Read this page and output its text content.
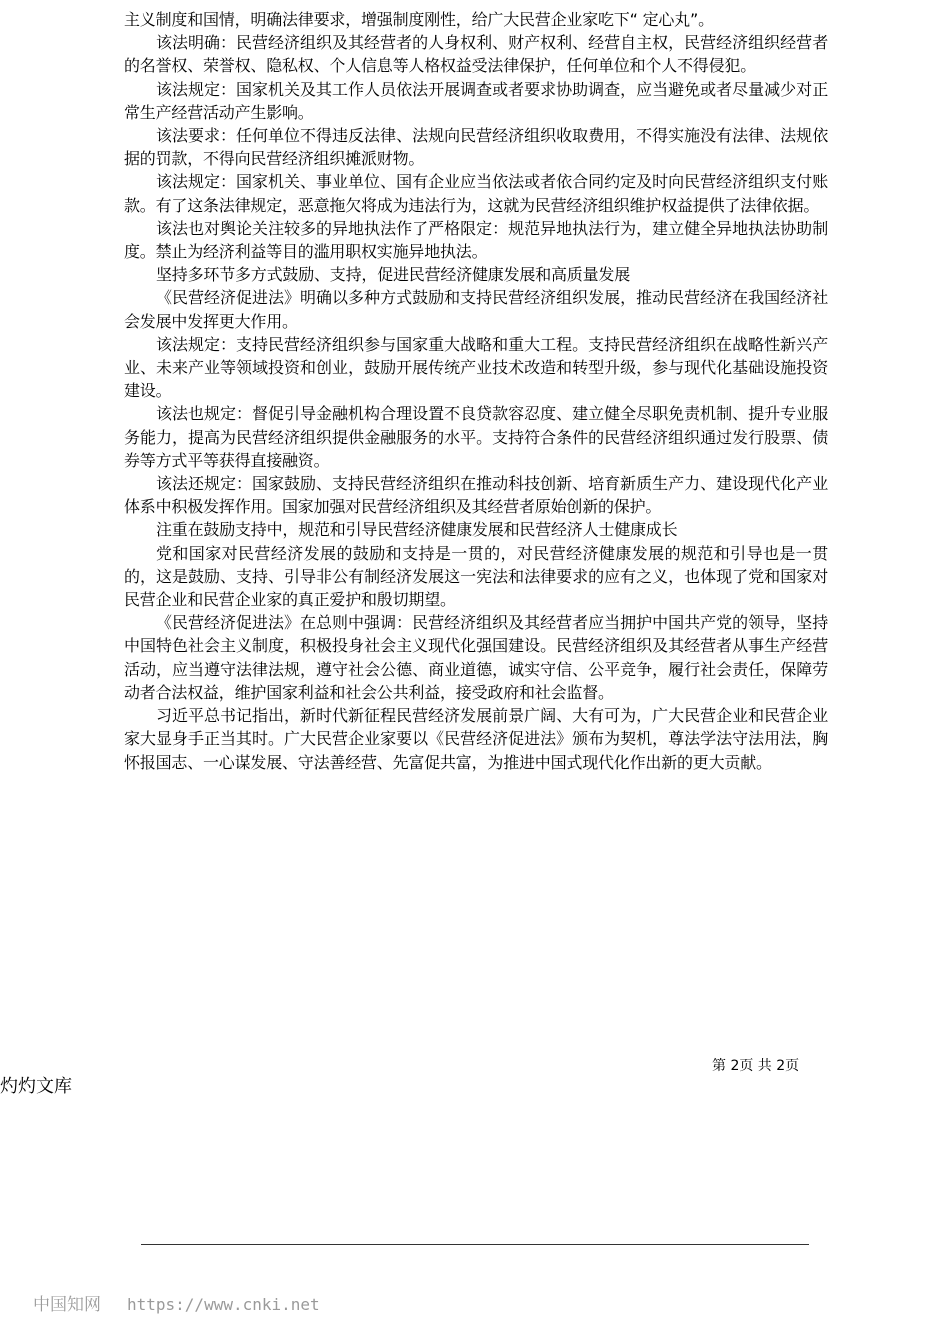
主义制度和国情，明确法律要求，增强制度刚性，给广大民营企业家吃下“ 定心丸”。

该法明确：民营经济组织及其经营者的人身权利、财产权利、经营自主权，民营经济组织经营者的名誉权、荣誉权、隐私权、个人信息等人格权益受法律保护，任何单位和个人不得侵犯。

该法规定：国家机关及其工作人员依法开展调查或者要求协助调查，应当避免或者尽量减少对正常生产经营活动产生影响。

该法要求：任何单位不得违反法律、法规向民营经济组织收取费用，不得实施没有法律、法规依据的罚款，不得向民营经济组织摊派财物。

该法规定：国家机关、事业单位、国有企业应当依法或者依合同约定及时向民营经济组织支付账款。有了这条法律规定，恶意拖欠将成为违法行为，这就为民营经济组织维护权益提供了法律依据。

该法也对舆论关注较多的异地执法作了严格限定：规范异地执法行为，建立健全异地执法协助制度。禁止为经济利益等目的滥用职权实施异地执法。

坚持多环节多方式鼓励、支持，促进民营经济健康发展和高质量发展

《民营经济促进法》明确以多种方式鼓励和支持民营经济组织发展，推动民营经济在我国经济社会发展中发挥更大作用。

该法规定：支持民营经济组织参与国家重大战略和重大工程。支持民营经济组织在战略性新兴产业、未来产业等领域投资和创业，鼓励开展传统产业技术改造和转型升级，参与现代化基础设施投资建设。

该法也规定：督促引导金融机构合理设置不良贷款容忍度、建立健全尽职免责机制、提升专业服务能力，提高为民营经济组织提供金融服务的水平。支持符合条件的民营经济组织通过发行股票、债券等方式平等获得直接融资。

该法还规定：国家鼓励、支持民营经济组织在推动科技创新、培育新质生产力、建设现代化产业体系中积极发挥作用。国家加强对民营经济组织及其经营者原始创新的保护。

注重在鼓励支持中，规范和引导民营经济健康发展和民营经济人士健康成长

党和国家对民营经济发展的鼓励和支持是一贯的，对民营经济健康发展的规范和引导也是一贯的，这是鼓励、支持、引导非公有制经济发展这一宪法和法律要求的应有之义，也体现了党和国家对民营企业和民营企业家的真正爱护和殷切期望。

《民营经济促进法》在总则中强调：民营经济组织及其经营者应当拥护中国共产党的领导，坚持中国特色社会主义制度，积极投身社会主义现代化强国建设。民营经济组织及其经营者从事生产经营活动，应当遵守法律法规，遵守社会公德、商业道德，诚实守信、公平竞争，履行社会责任，保障劳动者合法权益，维护国家利益和社会公共利益，接受政府和社会监督。

习近平总书记指出，新时代新征程民营经济发展前景广阔、大有可为，广大民营企业和民营企业家大显身手正当其时。广大民营企业家要以《民营经济促进法》颁布为契机，尊法学法守法用法，胸怀报国志、一心谋发展、守法善经营、先富促共富，为推进中国式现代化作出新的更大贡献。

第 2页 共 2页
灼灼文库
中国知网 https://www.cnki.net
